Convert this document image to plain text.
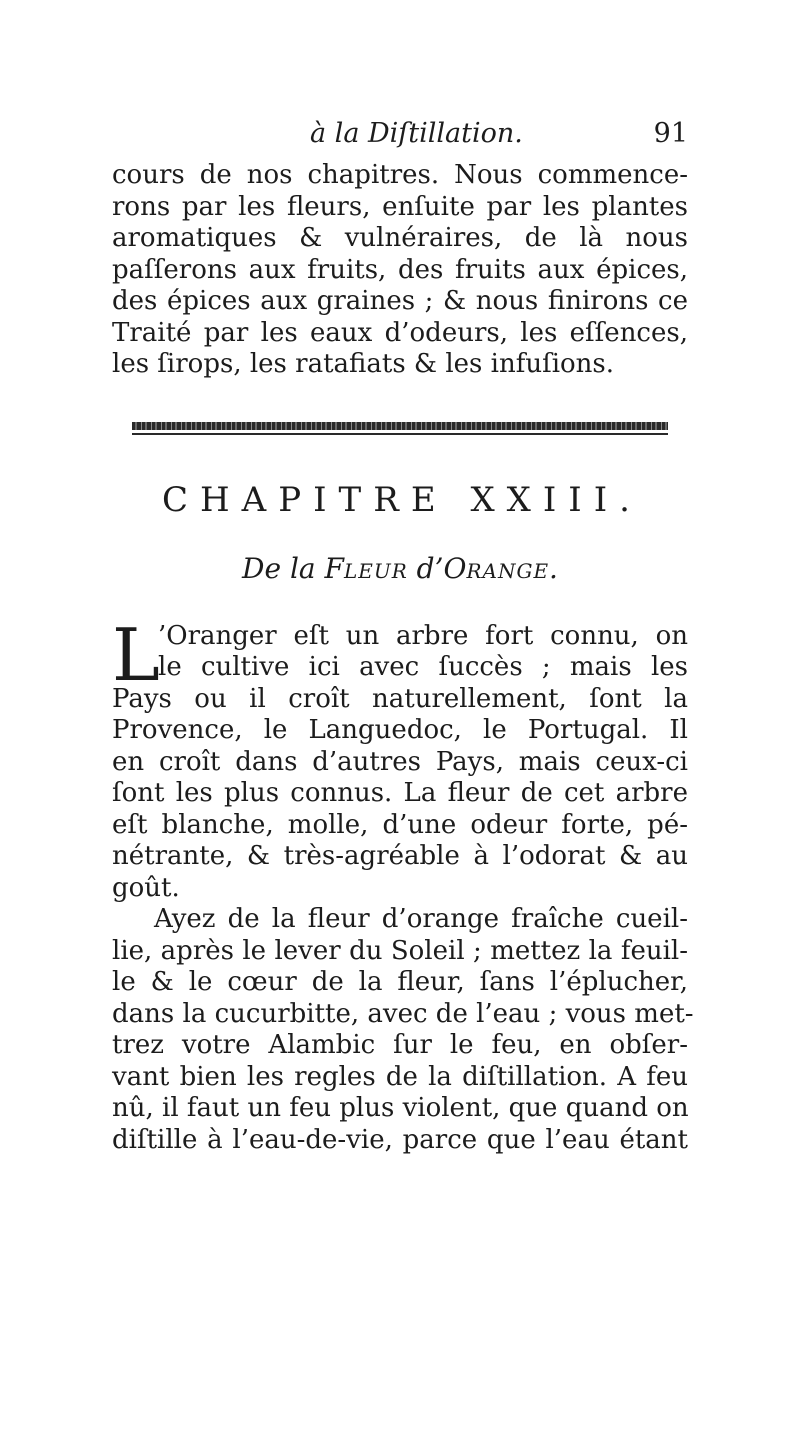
à la Diſtillation.	91
cours de nos chapitres. Nous commence-
rons par les fleurs, enſuite par les plantes
aromatiques & vulnéraires, de là nous
paſſerons aux fruits, des fruits aux épices,
des épices aux graines ; & nous finirons ce
Traité par les eaux d’odeurs, les eſſences,
les ſirops, les ratafiats & les infuſions.
CHAPITRE XXIII.
De la FLEUR d’ORANGE.
L
’Oranger eſt un arbre fort connu, on
le cultive ici avec ſuccès ; mais les
Pays ou il croît naturellement, ſont la
Provence, le Languedoc, le Portugal. Il
en croît dans d’autres Pays, mais ceux-ci
ſont les plus connus. La fleur de cet arbre
eſt blanche, molle, d’une odeur forte, pé-
nétrante, & très-agréable à l’odorat & au
goût.
Ayez de la fleur d’orange fraîche cueil-
lie, après le lever du Soleil ; mettez la feuil-
le & le cœur de la fleur, ſans l’éplucher,
dans la cucurbitte, avec de l’eau ; vous met-
trez votre Alambic ſur le feu, en obſer-
vant bien les regles de la diſtillation. A feu
nû, il faut un feu plus violent, que quand on
diſtille à l’eau-de-vie, parce que l’eau étant
